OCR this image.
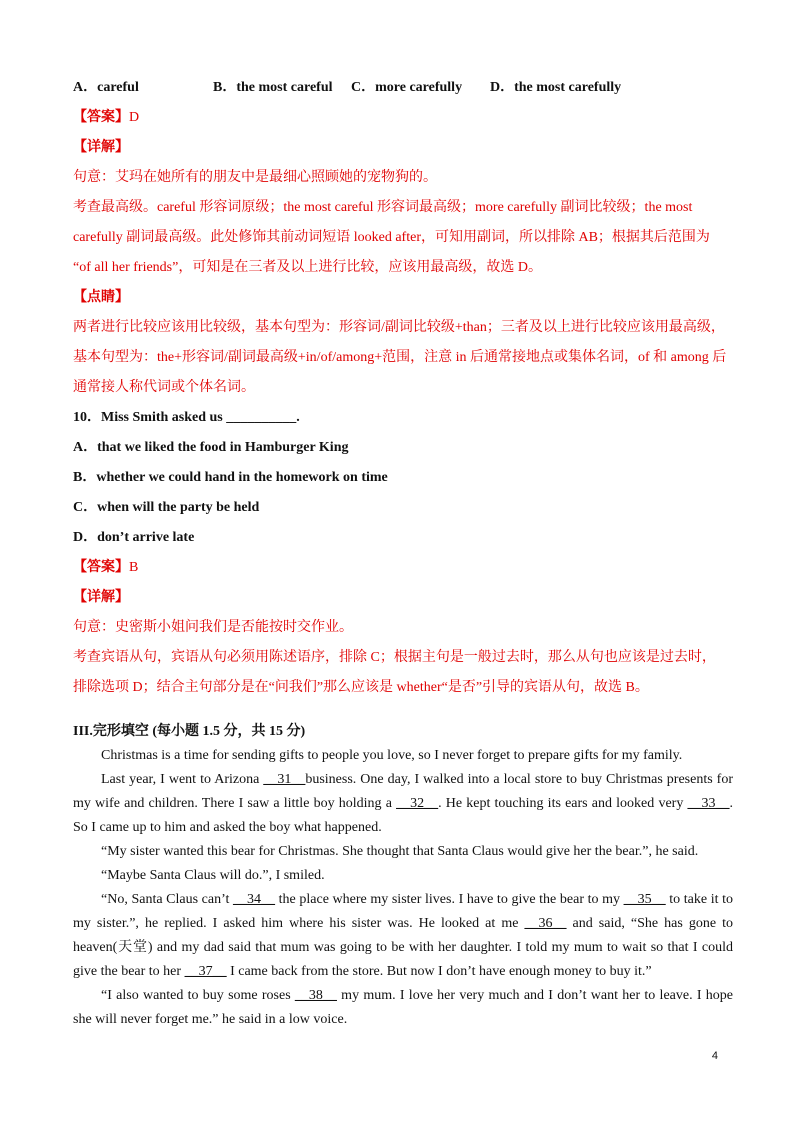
A．careful	B．the most careful	C．more carefully	D．the most carefully

【答案】D

【详解】

句意：艾玛在她所有的朋友中是最细心照顾她的宠物狗的。

考查最高级。careful 形容词原级；the most careful 形容词最高级；more carefully 副词比较级；the most

carefully 副词最高级。此处修饰其前动词短语 looked after，可知用副词，所以排除 AB；根据其后范围为

“of all her friends”，可知是在三者及以上进行比较，应该用最高级，故选 D。

【点睛】

两者进行比较应该用比较级，基本句型为：形容词/副词比较级+than；三者及以上进行比较应该用最高级，

基本句型为：the+形容词/副词最高级+in/of/among+范围，注意 in 后通常接地点或集体名词，of 和 among 后

通常接人称代词或个体名词。

10．Miss Smith asked us __________.

A．that we liked the food in Hamburger King

B．whether we could hand in the homework on time

C．when will the party be held

D．don’t arrive late

【答案】B

【详解】

句意：史密斯小姐问我们是否能按时交作业。

考查宾语从句，宾语从句必须用陈述语序，排除 C；根据主句是一般过去时，那么从句也应该是过去时，

排除选项 D；结合主句部分是在“问我们”那么应该是 whether“是否”引导的宾语从句，故选 B。

III.完形填空 (每小题 1.5 分，共 15 分)

Christmas is a time for sending gifts to people you love, so I never forget to prepare gifts for my family.

Last year, I went to Arizona __31__business. One day, I walked into a local store to buy Christmas presents for my wife and children. There I saw a little boy holding a __32__. He kept touching its ears and looked very __33__. So I came up to him and asked the boy what happened.

“My sister wanted this bear for Christmas. She thought that Santa Claus would give her the bear.”, he said.

“Maybe Santa Claus will do.”, I smiled.

“No, Santa Claus can’t __34__ the place where my sister lives. I have to give the bear to my __35__ to take it to my sister.”, he replied. I asked him where his sister was. He looked at me __36__ and said, “She has gone to heaven(天堂) and my dad said that mum was going to be with her daughter. I told my mum to wait so that I could give the bear to her __37__ I came back from the store. But now I don’t have enough money to buy it.”

“I also wanted to buy some roses __38__ my mum. I love her very much and I don’t want her to leave. I hope she will never forget me.” he said in a low voice.

4
